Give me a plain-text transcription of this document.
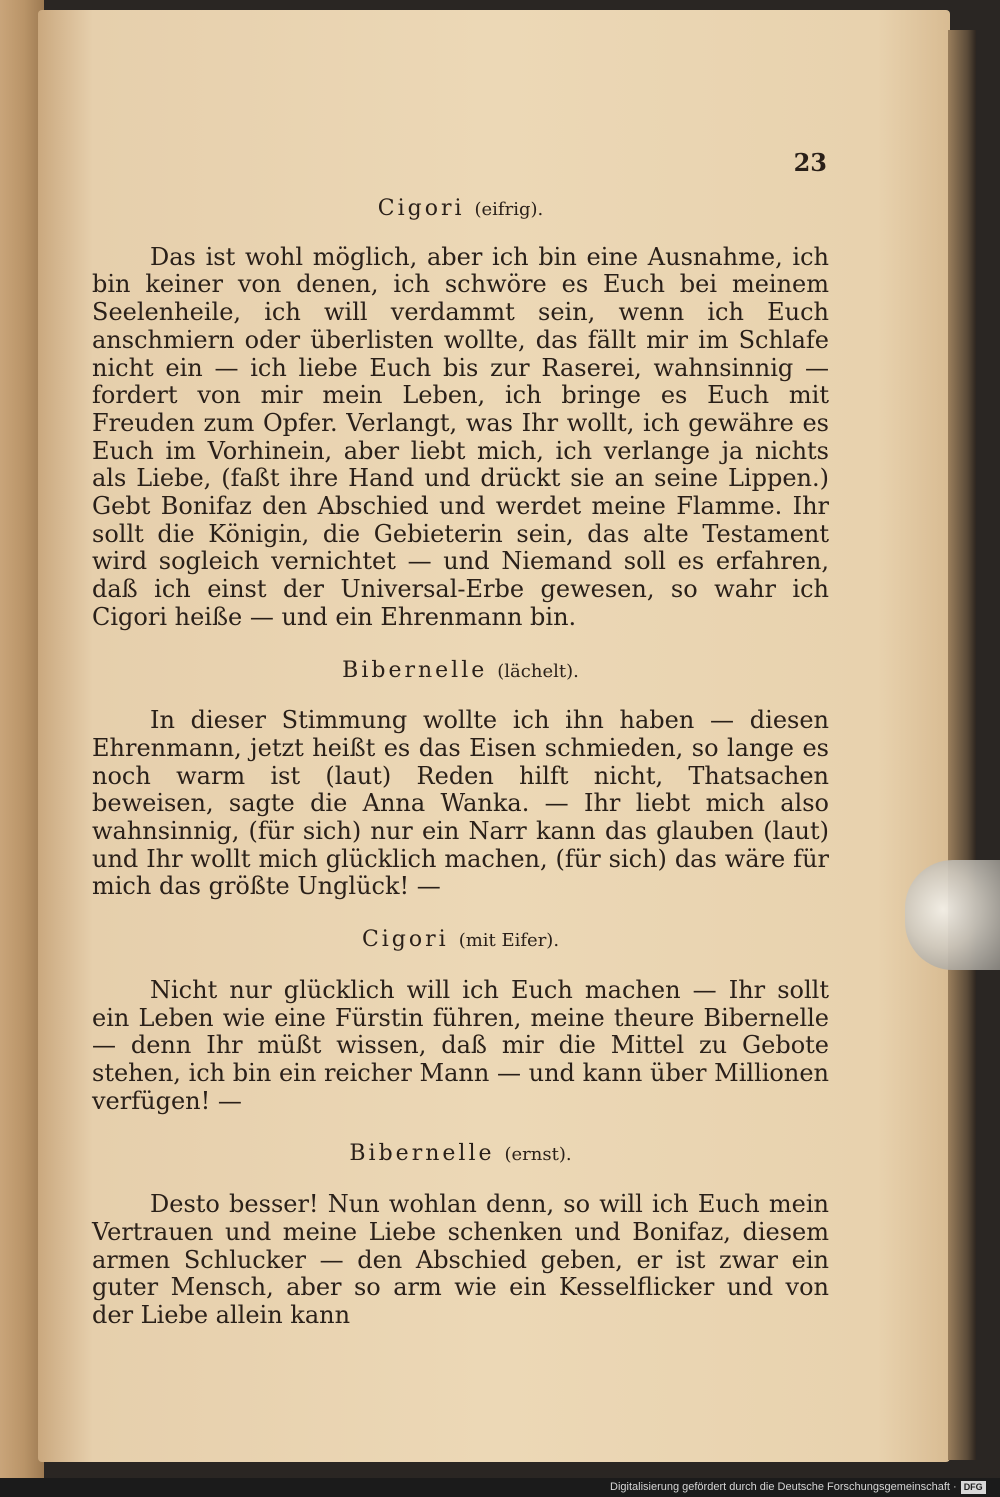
23

Cigori (eifrig).

Das ist wohl möglich, aber ich bin eine Ausnahme, ich bin keiner von denen, ich schwöre es Euch bei meinem Seelenheile, ich will verdammt sein, wenn ich Euch anschmiern oder überlisten wollte, das fällt mir im Schlafe nicht ein — ich liebe Euch bis zur Raserei, wahnsinnig — fordert von mir mein Leben, ich bringe es Euch mit Freuden zum Opfer. Verlangt, was Ihr wollt, ich gewähre es Euch im Vorhinein, aber liebt mich, ich verlange ja nichts als Liebe, (faßt ihre Hand und drückt sie an seine Lippen.) Gebt Bonifaz den Abschied und werdet meine Flamme. Ihr sollt die Königin, die Gebieterin sein, das alte Testament wird sogleich vernichtet — und Niemand soll es erfahren, daß ich einst der Universal-Erbe gewesen, so wahr ich Cigori heiße — und ein Ehrenmann bin.

Bibernelle (lächelt).

In dieser Stimmung wollte ich ihn haben — diesen Ehrenmann, jetzt heißt es das Eisen schmieden, so lange es noch warm ist (laut) Reden hilft nicht, Thatsachen beweisen, sagte die Anna Wanka. — Ihr liebt mich also wahnsinnig, (für sich) nur ein Narr kann das glauben (laut) und Ihr wollt mich glücklich machen, (für sich) das wäre für mich das größte Unglück! —

Cigori (mit Eifer).

Nicht nur glücklich will ich Euch machen — Ihr sollt ein Leben wie eine Fürstin führen, meine theure Bibernelle — denn Ihr müßt wissen, daß mir die Mittel zu Gebote stehen, ich bin ein reicher Mann — und kann über Millionen verfügen! —

Bibernelle (ernst).

Desto besser! Nun wohlan denn, so will ich Euch mein Vertrauen und meine Liebe schenken und Bonifaz, diesem armen Schlucker — den Abschied geben, er ist zwar ein guter Mensch, aber so arm wie ein Kesselflicker und von der Liebe allein kann

Digitalisierung gefördert durch die Deutsche Forschungsgemeinschaft · DFG
